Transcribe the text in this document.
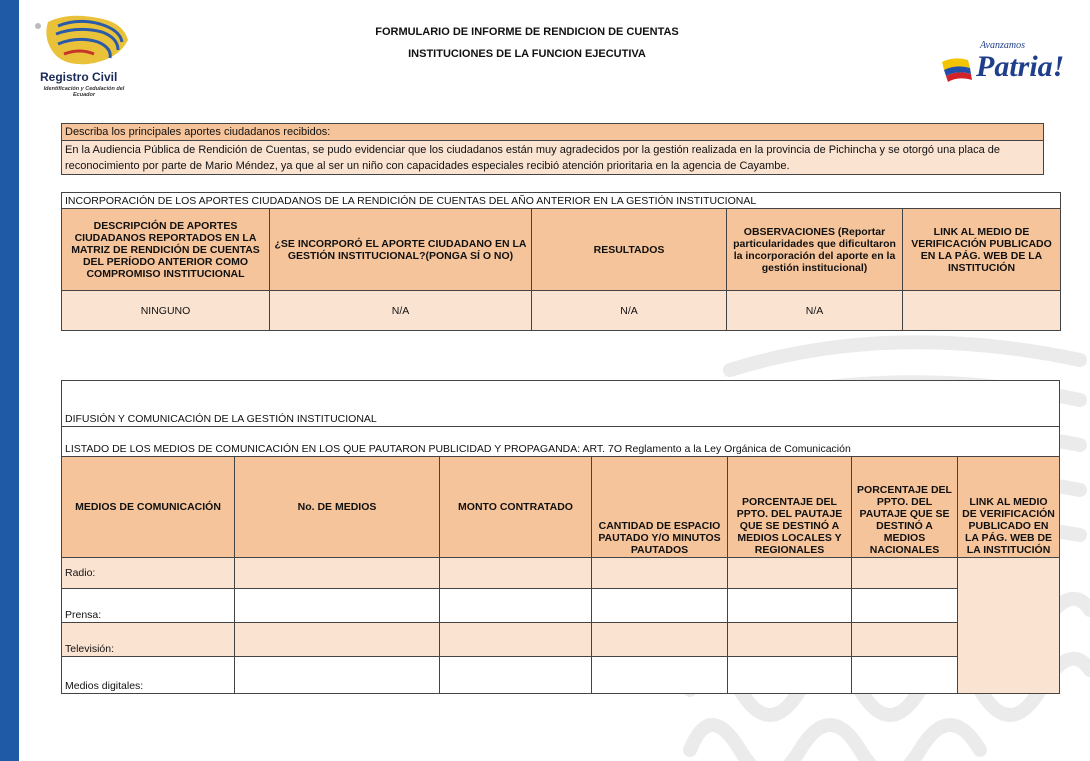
Registro Civil
Identificación y Cedulación del Ecuador
Avanzamos
Patria!
FORMULARIO DE INFORME DE RENDICION DE CUENTAS
INSTITUCIONES DE LA FUNCION EJECUTIVA
Describa los principales aportes ciudadanos recibidos:
En la Audiencia Pública de Rendición de Cuentas, se pudo evidenciar que los ciudadanos están muy agradecidos por la gestión realizada en la provincia de Pichincha y se otorgó una placa de reconocimiento por parte de Mario Méndez, ya que al ser un niño con capacidades especiales recibió atención prioritaria en la agencia de Cayambe.
INCORPORACIÓN DE LOS APORTES CIUDADANOS DE LA RENDICIÓN DE CUENTAS DEL AÑO ANTERIOR EN LA GESTIÓN INSTITUCIONAL				
DESCRIPCIÓN DE APORTES CIUDADANOS REPORTADOS EN LA MATRIZ DE RENDICIÓN DE CUENTAS DEL PERÍODO ANTERIOR COMO COMPROMISO INSTITUCIONAL	¿SE INCORPORÓ EL APORTE CIUDADANO EN LA GESTIÓN INSTITUCIONAL?(PONGA SÍ O NO)	RESULTADOS	OBSERVACIONES (Reportar particularidades que dificultaron la incorporación del aporte en la gestión institucional)	LINK AL MEDIO DE VERIFICACIÓN PUBLICADO EN LA PÁG. WEB DE LA INSTITUCIÓN
NINGUNO	N/A	N/A	N/A	
DIFUSIÓN Y COMUNICACIÓN DE LA GESTIÓN INSTITUCIONAL						
LISTADO DE LOS MEDIOS DE COMUNICACIÓN EN LOS QUE PAUTARON PUBLICIDAD Y PROPAGANDA: ART. 7O Reglamento a la Ley Orgánica de Comunicación						
MEDIOS DE COMUNICACIÓN	No. DE MEDIOS	MONTO CONTRATADO	CANTIDAD DE ESPACIO PAUTADO Y/O MINUTOS PAUTADOS	PORCENTAJE DEL PPTO. DEL PAUTAJE QUE SE DESTINÓ A MEDIOS LOCALES Y REGIONALES	PORCENTAJE DEL PPTO. DEL PAUTAJE QUE SE DESTINÓ A MEDIOS NACIONALES	LINK AL MEDIO DE VERIFICACIÓN PUBLICADO EN LA PÁG. WEB DE LA INSTITUCIÓN
Radio:						
Prensa:						
Televisión:						
Medios digitales:						
